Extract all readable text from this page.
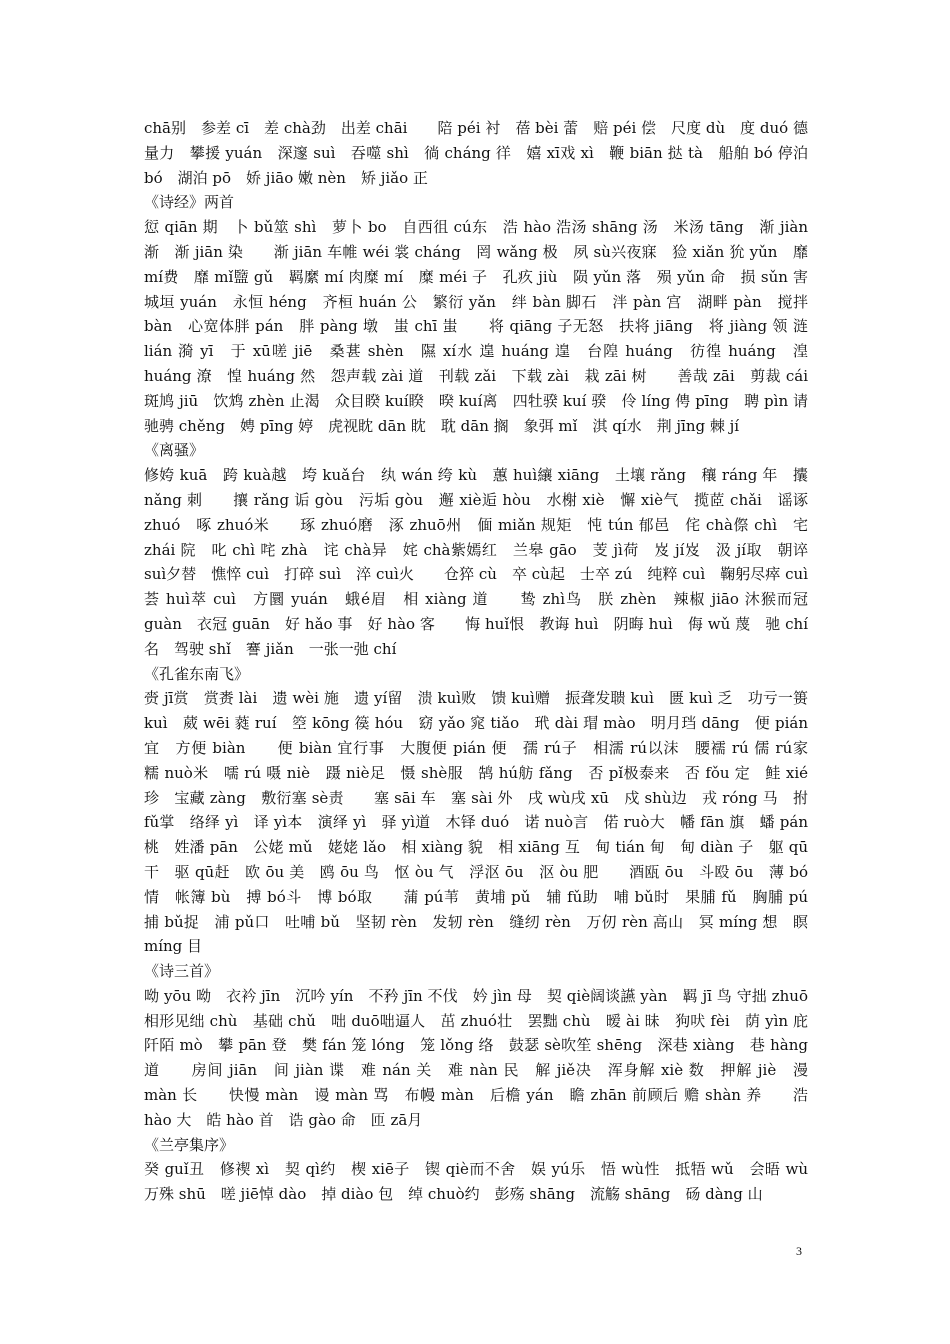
chā别　参差 cī　差 chà劲　出差 chāi　　陪 péi 衬　蓓 bèi 蕾　赔 péi 偿　尺度 dù　度 duó 德量力　攀援 yuán　深邃 suì　吞噬 shì　徜 cháng 徉　嬉 xī戏 xì　鞭 biān 挞 tà　船舶 bó 停泊 bó　湖泊 pō　娇 jiāo 嫩 nèn　矫 jiǎo 正

《诗经》两首

愆 qiān 期　卜 bǔ筮 shì　萝卜 bo　自西徂 cú东　浩 hào 浩汤 shāng 汤　米汤 tāng　渐 jiàn 渐　渐 jiān 染　　渐 jiān 车帷 wéi 裳 cháng　罔 wǎng 极　夙 sù兴夜寐　猃 xiǎn 狁 yǔn　靡 mí费　靡 mǐ盬 gǔ　羁縻 mí 肉糜 mí　糜 méi 子　孔疚 jiù　陨 yǔn 落　殒 yǔn 命　损 sǔn 害　城垣 yuán　永恒 héng　齐桓 huán 公　繁衍 yǎn　绊 bàn 脚石　泮 pàn 宫　湖畔 pàn　搅拌 bàn　心宽体胖 pán　胖 pàng 墩　蚩 chī 蚩　　将 qiāng 子无怒　扶将 jiāng　将 jiàng 领 涟 lián 漪 yī　于 xū嗟 jiē　桑葚 shèn　隰 xí水 遑 huáng 遑　台隍 huáng　彷徨 huáng　湟 huáng 潦　惶 huáng 然　怨声载 zài 道　刊载 zǎi　下载 zài　栽 zāi 树　　善哉 zāi　剪裁 cái 斑鸠 jiū　饮鸩 zhèn 止渴　众目睽 kuí睽　暌 kuí离　四牡骙 kuí 骙　伶 líng 俜 pīng　聘 pìn 请　驰骋 chěng　娉 pīng 婷　虎视眈 dān 眈　耽 dān 搁　象弭 mǐ　淇 qí水　荆 jīng 棘 jí

《离骚》

修姱 kuā　跨 kuà越　垮 kuǎ台　纨 wán 绔 kù　蕙 huì纕 xiāng　土壤 rǎng　穰 ráng 年　攮 nǎng 刺　　攘 rǎng 诟 gòu　污垢 gòu　邂 xiè逅 hòu　水榭 xiè　懈 xiè气　揽茝 chǎi　谣诼 zhuó　啄 zhuó米　　琢 zhuó磨　涿 zhuō州　偭 miǎn 规矩　忳 tún 郁邑　侘 chà傺 chì　宅 zhái 院　叱 chì 咤 zhà　诧 chà异　姹 chà紫嫣红　兰皋 gāo　芰 jì荷　岌 jí岌　汲 jí取　朝谇 suì夕替　憔悴 cuì　打碎 suì　淬 cuì火　　仓猝 cù　卒 cù起　士卒 zú　纯粹 cuì　鞠躬尽瘁 cuì　荟 huì萃 cuì　方圜 yuán　蛾é眉　相 xiàng 道　　鸷 zhì鸟　朕 zhèn　辣椒 jiāo 沐猴而冠 guàn　衣冠 guān　好 hǎo 事　好 hào 客　　悔 huǐ恨　教诲 huì　阴晦 huì　侮 wǔ 蔑　驰 chí名　驾驶 shǐ　謇 jiǎn　一张一弛 chí

《孔雀东南飞》

赍 jī赏　赏赉 lài　遗 wèi 施　遗 yí留　溃 kuì败　馈 kuì赠　振聋发聩 kuì　匮 kuì 乏　功亏一篑 kuì　葳 wēi 蕤 ruí　箜 kōng 篌 hóu　窈 yǎo 窕 tiǎo　玳 dài 瑁 mào　明月珰 dāng　便 pián 宜　方便 biàn　　便 biàn 宜行事　大腹便 pián 便　孺 rú子　相濡 rú以沫　腰襦 rú 儒 rú家　糯 nuò米　嚅 rú 嗫 niè　蹑 niè足　慑 shè服　鹄 hú舫 fǎng　否 pǐ极泰来　否 fǒu 定　鲑 xié珍　宝藏 zàng　敷衍塞 sè责　　塞 sāi 车　塞 sài 外　戌 wù戌 xū　戍 shù边　戎 róng 马　拊 fǔ掌　络绎 yì　译 yì本　演绎 yì　驿 yì道　木铎 duó　诺 nuò言　偌 ruò大　幡 fān 旗　蟠 pán 桃　姓潘 pān　公姥 mǔ　姥姥 lǎo　相 xiàng 貌　相 xiāng 互　甸 tián 甸　甸 diàn 子　躯 qū干　驱 qū赶　欧 ōu 美　鸥 ōu 鸟　怄 òu 气　浮沤 ōu　沤 òu 肥　　酒瓯 ōu　斗殴 ōu　薄 bó情　帐簿 bù　搏 bó斗　博 bó取　　蒲 pú苇　黄埔 pǔ　辅 fǔ助　哺 bǔ时　果脯 fǔ　胸脯 pú　捕 bǔ捉　浦 pǔ口　吐哺 bǔ　坚韧 rèn　发轫 rèn　缝纫 rèn　万仞 rèn 高山　冥 míng 想　瞑 míng 目

《诗三首》

呦 yōu 呦　衣衿 jīn　沉吟 yín　不矜 jīn 不伐　妗 jìn 母　契 qiè阔谈讌 yàn　羁 jī 鸟 守拙 zhuō　相形见绌 chù　基础 chǔ　咄 duō咄逼人　茁 zhuó壮　罢黜 chù　暧 ài 昧　狗吠 fèi　荫 yìn 庇　　阡陌 mò　攀 pān 登　樊 fán 笼 lóng　笼 lǒng 络　鼓瑟 sè吹笙 shēng　深巷 xiàng　巷 hàng 道　　房间 jiān　间 jiàn 谍　难 nán 关　难 nàn 民　解 jiě决　浑身解 xiè 数　押解 jiè　漫 màn 长　　快慢 màn　谩 màn 骂　布幔 màn　后檐 yán　瞻 zhān 前顾后 赡 shàn 养　　浩 hào 大　皓 hào 首　诰 gào 命　匝 zā月

《兰亭集序》

癸 guǐ丑　修禊 xì　契 qì约　楔 xiē子　锲 qiè而不舍　娱 yú乐　悟 wù性　抵牾 wǔ　会晤 wù　万殊 shū　嗟 jiē悼 dào　掉 diào 包　绰 chuò约　彭殇 shāng　流觞 shāng　砀 dàng 山

3
